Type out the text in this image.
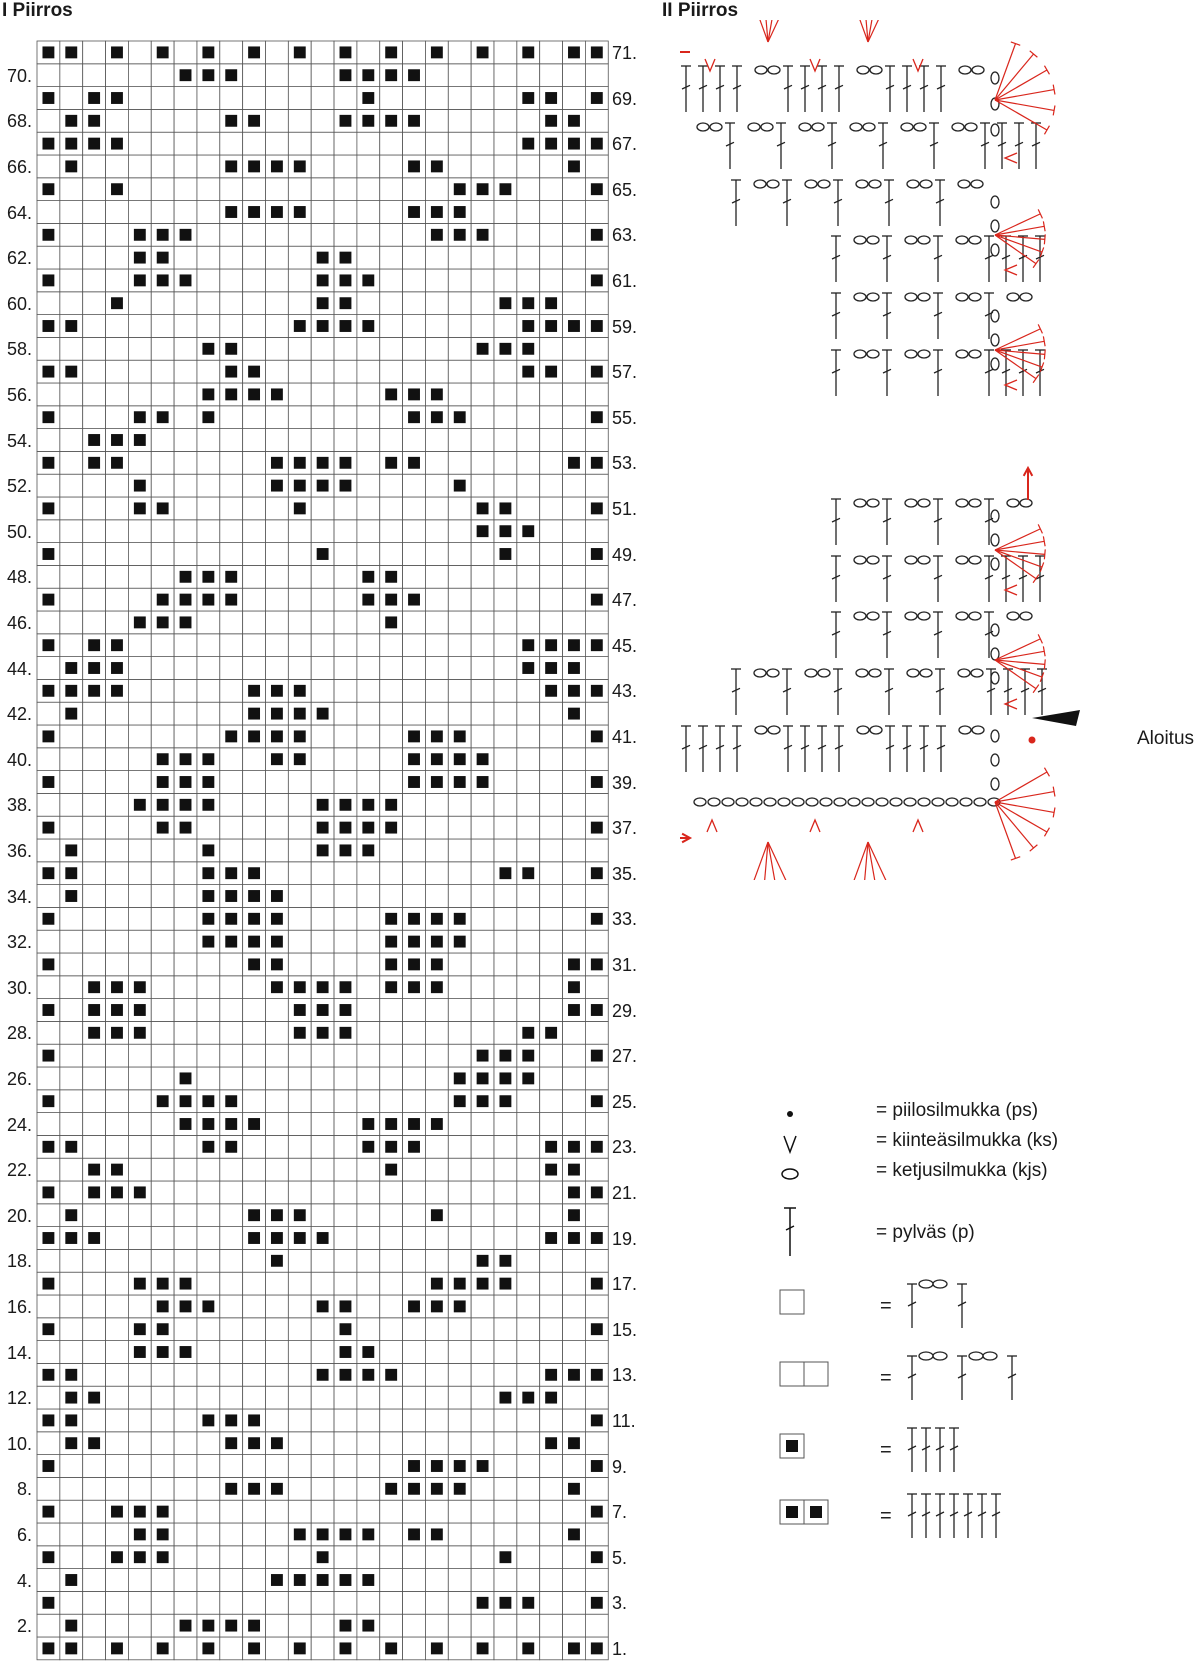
I Piirros	II Piirros
70.
68.
66.
64.
62.
60.
58.
56.
54.
52.
50.
48.
46.
44.
42.
40.
38.
36.
34.
32.
30.
28.
26.
24.
22.
20.
18.
16.
14.
12.
10.
8.
6.
4.
2.
71.
69.
67.
65.
63.
61.
59.
57.
55.
53.
51.
49.
47.
45.
43.
41.
39.
37.
35.
33.
31.
29.
27.
25.
23.
21.
19.
17.
15.
13.
11.
9.
7.
5.
3.
1.
Aloitus
= piilosilmukka (ps)
= kiinteäsilmukka (ks)
= ketjusilmukka (kjs)
= pylväs (p)
=
=
=
=
